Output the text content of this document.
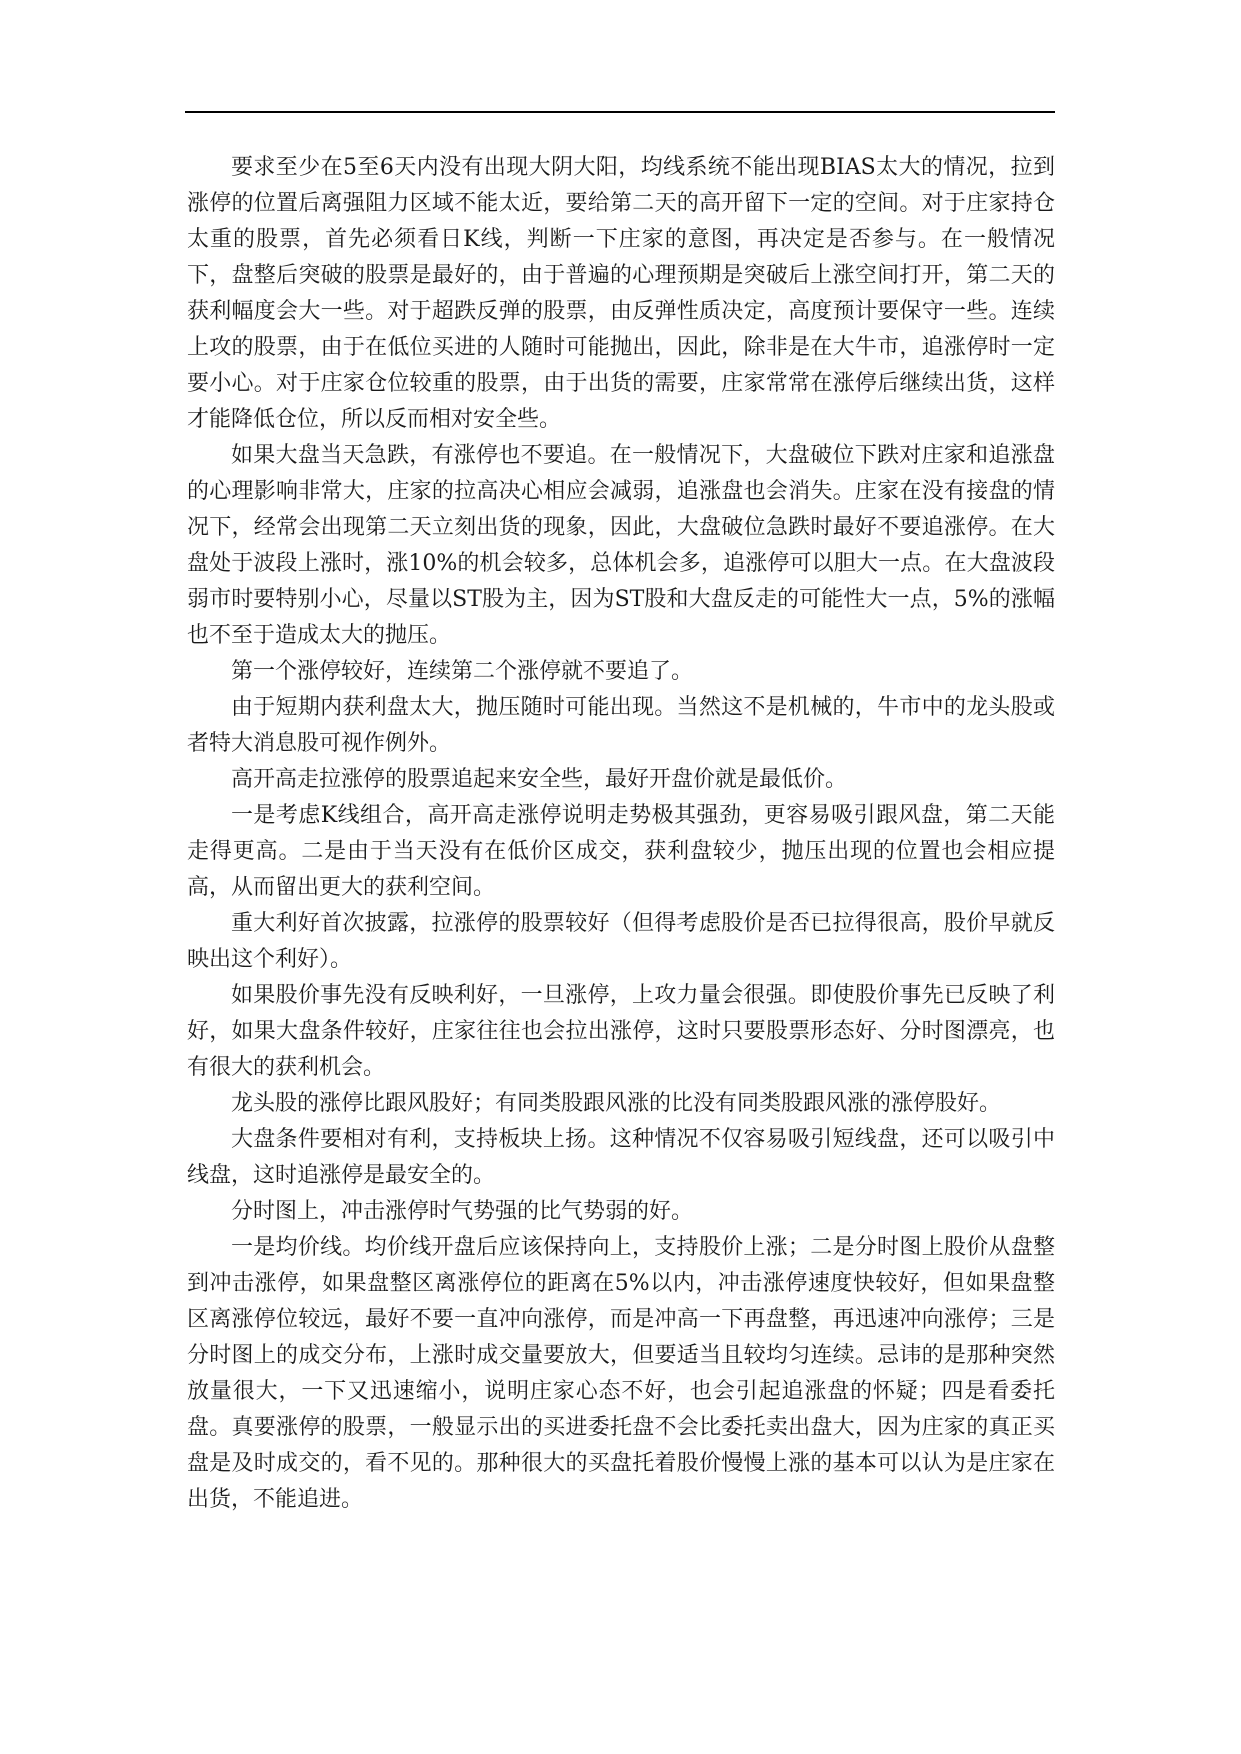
要求至少在5至6天内没有出现大阴大阳，均线系统不能出现BIAS太大的情况，拉到涨停的位置后离强阻力区域不能太近，要给第二天的高开留下一定的空间。对于庄家持仓太重的股票，首先必须看日K线，判断一下庄家的意图，再决定是否参与。在一般情况下，盘整后突破的股票是最好的，由于普遍的心理预期是突破后上涨空间打开，第二天的获利幅度会大一些。对于超跌反弹的股票，由反弹性质决定，高度预计要保守一些。连续上攻的股票，由于在低位买进的人随时可能抛出，因此，除非是在大牛市，追涨停时一定要小心。对于庄家仓位较重的股票，由于出货的需要，庄家常常在涨停后继续出货，这样才能降低仓位，所以反而相对安全些。

如果大盘当天急跌，有涨停也不要追。在一般情况下，大盘破位下跌对庄家和追涨盘的心理影响非常大，庄家的拉高决心相应会减弱，追涨盘也会消失。庄家在没有接盘的情况下，经常会出现第二天立刻出货的现象，因此，大盘破位急跌时最好不要追涨停。在大盘处于波段上涨时，涨10%的机会较多，总体机会多，追涨停可以胆大一点。在大盘波段弱市时要特别小心，尽量以ST股为主，因为ST股和大盘反走的可能性大一点，5%的涨幅也不至于造成太大的抛压。

第一个涨停较好，连续第二个涨停就不要追了。

由于短期内获利盘太大，抛压随时可能出现。当然这不是机械的，牛市中的龙头股或者特大消息股可视作例外。

高开高走拉涨停的股票追起来安全些，最好开盘价就是最低价。

一是考虑K线组合，高开高走涨停说明走势极其强劲，更容易吸引跟风盘，第二天能走得更高。二是由于当天没有在低价区成交，获利盘较少，抛压出现的位置也会相应提高，从而留出更大的获利空间。

重大利好首次披露，拉涨停的股票较好（但得考虑股价是否已拉得很高，股价早就反映出这个利好）。

如果股价事先没有反映利好，一旦涨停，上攻力量会很强。即使股价事先已反映了利好，如果大盘条件较好，庄家往往也会拉出涨停，这时只要股票形态好、分时图漂亮，也有很大的获利机会。

龙头股的涨停比跟风股好；有同类股跟风涨的比没有同类股跟风涨的涨停股好。

大盘条件要相对有利，支持板块上扬。这种情况不仅容易吸引短线盘，还可以吸引中线盘，这时追涨停是最安全的。

分时图上，冲击涨停时气势强的比气势弱的好。

一是均价线。均价线开盘后应该保持向上，支持股价上涨；二是分时图上股价从盘整到冲击涨停，如果盘整区离涨停位的距离在5%以内，冲击涨停速度快较好，但如果盘整区离涨停位较远，最好不要一直冲向涨停，而是冲高一下再盘整，再迅速冲向涨停；三是分时图上的成交分布，上涨时成交量要放大，但要适当且较均匀连续。忌讳的是那种突然放量很大，一下又迅速缩小，说明庄家心态不好，也会引起追涨盘的怀疑；四是看委托盘。真要涨停的股票，一般显示出的买进委托盘不会比委托卖出盘大，因为庄家的真正买盘是及时成交的，看不见的。那种很大的买盘托着股价慢慢上涨的基本可以认为是庄家在出货，不能追进。
